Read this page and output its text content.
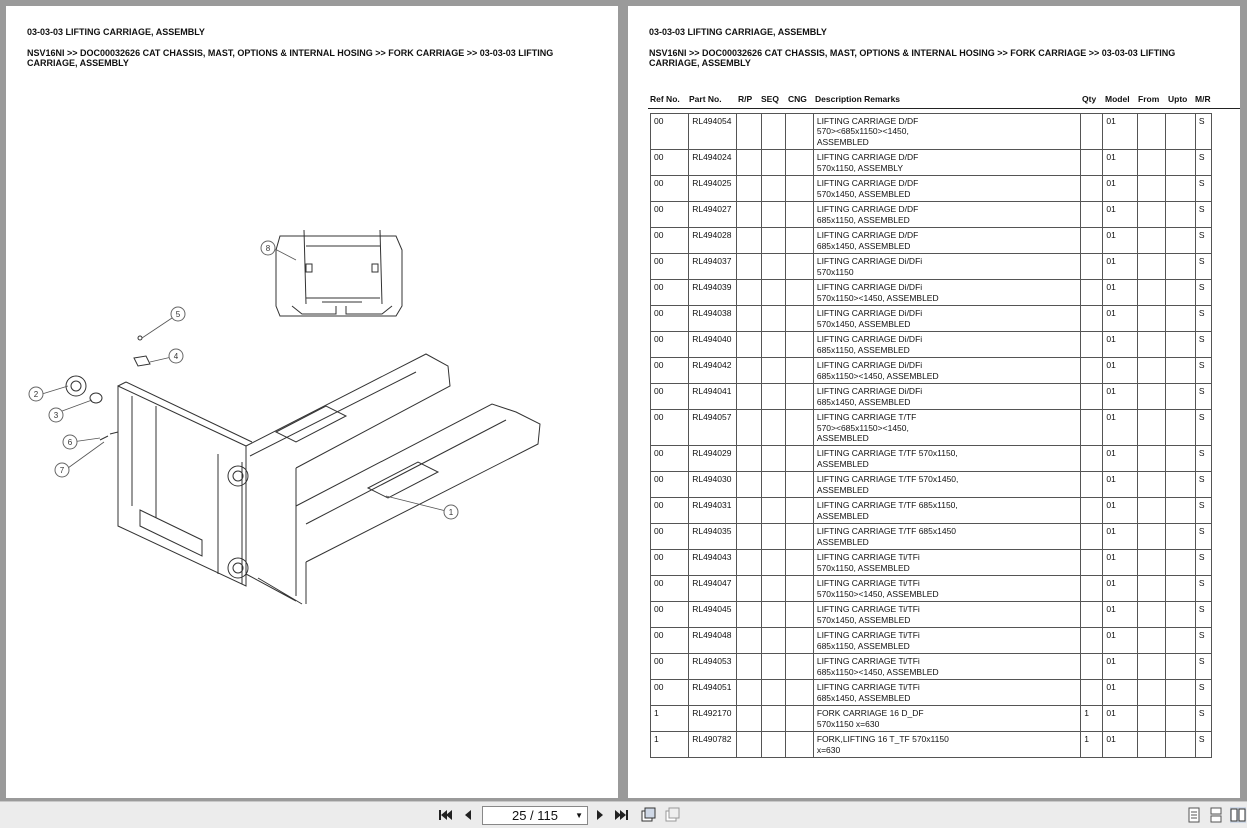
03-03-03 LIFTING CARRIAGE, ASSEMBLY
NSV16NI >> DOC00032626 CAT CHASSIS, MAST, OPTIONS & INTERNAL HOSING >> FORK CARRIAGE >> 03-03-03 LIFTING CARRIAGE, ASSEMBLY
8
5
4
2
3
6
7
1
03-03-03 LIFTING CARRIAGE, ASSEMBLY
NSV16NI >> DOC00032626 CAT CHASSIS, MAST, OPTIONS & INTERNAL HOSING >> FORK CARRIAGE >> 03-03-03 LIFTING CARRIAGE, ASSEMBLY
Ref No. Part No. R/P SEQ CNG Description Remarks	Qty Model From Upto M/R
00	RL494054				LIFTING CARRIAGE D/DF
570><685x1150><1450,
ASSEMBLED		01			S
00	RL494024				LIFTING CARRIAGE D/DF
570x1150, ASSEMBLY		01			S
00	RL494025				LIFTING CARRIAGE D/DF
570x1450, ASSEMBLED		01			S
00	RL494027				LIFTING CARRIAGE D/DF
685x1150, ASSEMBLED		01			S
00	RL494028				LIFTING CARRIAGE D/DF
685x1450, ASSEMBLED		01			S
00	RL494037				LIFTING CARRIAGE Di/DFi
570x1150		01			S
00	RL494039				LIFTING CARRIAGE Di/DFi
570x1150><1450, ASSEMBLED		01			S
00	RL494038				LIFTING CARRIAGE Di/DFi
570x1450, ASSEMBLED		01			S
00	RL494040				LIFTING CARRIAGE Di/DFi
685x1150, ASSEMBLED		01			S
00	RL494042				LIFTING CARRIAGE Di/DFi
685x1150><1450, ASSEMBLED		01			S
00	RL494041				LIFTING CARRIAGE Di/DFi
685x1450, ASSEMBLED		01			S
00	RL494057				LIFTING CARRIAGE T/TF
570><685x1150><1450,
ASSEMBLED		01			S
00	RL494029				LIFTING CARRIAGE T/TF 570x1150,
ASSEMBLED		01			S
00	RL494030				LIFTING CARRIAGE T/TF 570x1450,
ASSEMBLED		01			S
00	RL494031				LIFTING CARRIAGE T/TF 685x1150,
ASSEMBLED		01			S
00	RL494035				LIFTING CARRIAGE T/TF 685x1450
ASSEMBLED		01			S
00	RL494043				LIFTING CARRIAGE Ti/TFi
570x1150, ASSEMBLED		01			S
00	RL494047				LIFTING CARRIAGE Ti/TFi
570x1150><1450, ASSEMBLED		01			S
00	RL494045				LIFTING CARRIAGE Ti/TFi
570x1450, ASSEMBLED		01			S
00	RL494048				LIFTING CARRIAGE Ti/TFi
685x1150, ASSEMBLED		01			S
00	RL494053				LIFTING CARRIAGE Ti/TFi
685x1150><1450, ASSEMBLED		01			S
00	RL494051				LIFTING CARRIAGE Ti/TFi
685x1450, ASSEMBLED		01			S
1	RL492170				FORK CARRIAGE 16 D_DF
570x1150 x=630	1	01			S
1	RL490782				FORK,LIFTING 16 T_TF 570x1150
x=630	1	01			S
25 / 115 ▼
